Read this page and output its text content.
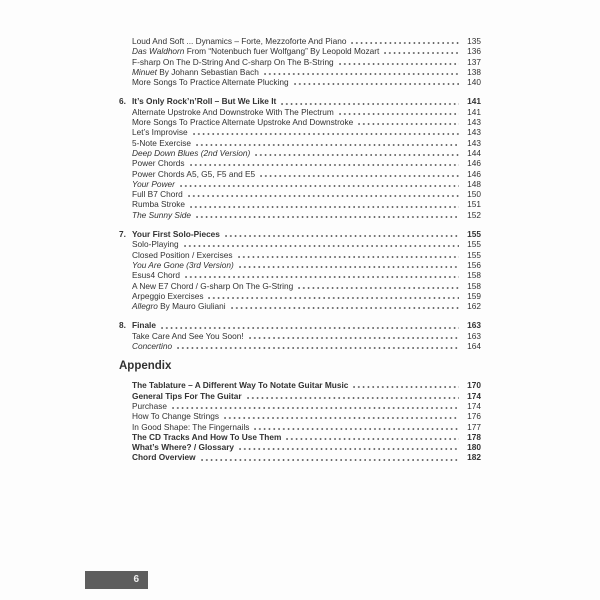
Loud And Soft ... Dynamics – Forte, Mezzoforte And Piano	135
Das Waldhorn From “Notenbuch fuer Wolfgang” By Leopold Mozart	136
F-sharp On The D-String And C-sharp On The B-String	137
Minuet By Johann Sebastian Bach	138
More Songs To Practice Alternate Plucking	140
6. It’s Only Rock’n’Roll – But We Like It	141
Alternate Upstroke And Downstroke With The Plectrum	141
More Songs To Practice Alternate Upstroke And Downstroke	143
Let’s Improvise	143
5-Note Exercise	143
Deep Down Blues (2nd Version)	144
Power Chords	146
Power Chords A5, G5, F5 and E5	146
Your Power	148
Full B7 Chord	150
Rumba Stroke	151
The Sunny Side	152
7. Your First Solo-Pieces	155
Solo-Playing	155
Closed Position / Exercises	155
You Are Gone (3rd Version)	156
Esus4 Chord	158
A New E7 Chord / G-sharp On The G-String	158
Arpeggio Exercises	159
Allegro By Mauro Giuliani	162
8. Finale	163
Take Care And See You Soon!	163
Concertino	164
Appendix
The Tablature – A Different Way To Notate Guitar Music	170
General Tips For The Guitar	174
Purchase	174
How To Change Strings	176
In Good Shape: The Fingernails	177
The CD Tracks And How To Use Them	178
What’s Where? / Glossary	180
Chord Overview	182
6
